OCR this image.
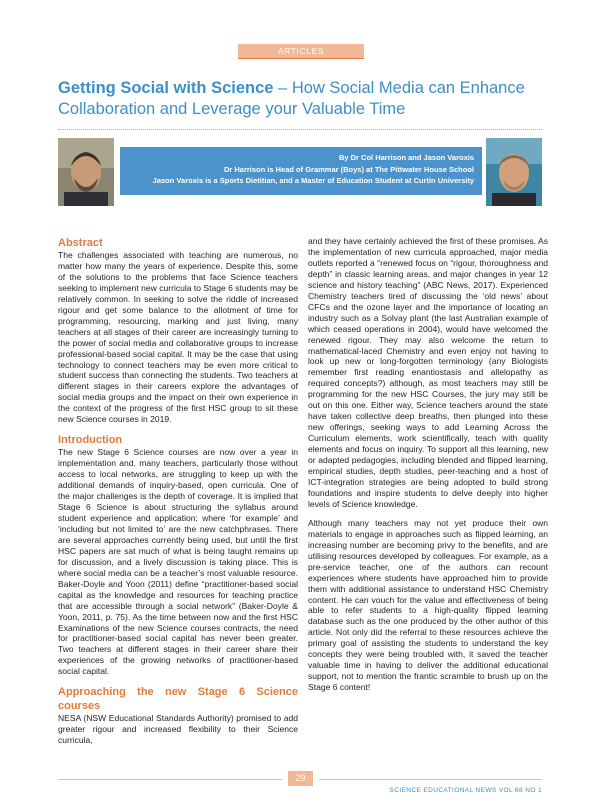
ARTICLES
Getting Social with Science – How Social Media can Enhance Collaboration and Leverage your Valuable Time
By Dr Col Harrison and Jason Varoxis
Dr Harrison is Head of Grammar (Boys) at The Pittwater House School
Jason Varoxis is a Sports Dietitian, and a Master of Education Student at Curtin University
Abstract

The challenges associated with teaching are numerous, no matter how many the years of experience. Despite this, some of the solutions to the problems that face Science teachers seeking to implement new curricula to Stage 6 students may be relatively common. In seeking to solve the riddle of increased rigour and get some balance to the allotment of time for programming, resourcing, marking and just living, many teachers at all stages of their career are increasingly turning to the power of social media and collaborative groups to increase professional-based social capital. It may be the case that using technology to connect teachers may be even more critical to student success than connecting the students. Two teachers at different stages in their careers explore the advantages of social media groups and the impact on their own experience in the context of the progress of the first HSC group to sit these new Science courses in 2019.

Introduction

The new Stage 6 Science courses are now over a year in implementation and, many teachers, particularly those without access to local networks, are struggling to keep up with the additional demands of inquiry-based, open curricula. One of the major challenges is the depth of coverage. It is implied that Stage 6 Science is about structuring the syllabus around student experience and application; where ‘for example’ and ‘including but not limited to’ are the new catchphrases. There are several approaches currently being used, but until the first HSC papers are sat much of what is being taught remains up for discussion, and a lively discussion is taking place. This is where social media can be a teacher’s most valuable resource. Baker-Doyle and Yoon (2011) define “practitioner-based social capital as the knowledge and resources for teaching practice that are accessible through a social network” (Baker-Doyle & Yoon, 2011, p. 75). As the time between now and the first HSC Examinations of the new Science courses contracts, the need for practitioner-based social capital has never been greater. Two teachers at different stages in their career share their experiences of the growing networks of practitioner-based social capital.

Approaching the new Stage 6 Science courses

NESA (NSW Educational Standards Authority) promised to add greater rigour and increased flexibility to their Science curricula,

and they have certainly achieved the first of these promises. As the implementation of new curricula approached, major media outlets reported a “renewed focus on “rigour, thoroughness and depth” in classic learning areas, and major changes in year 12 science and history teaching” (ABC News, 2017). Experienced Chemistry teachers tired of discussing the ‘old news’ about CFCs and the ozone layer and the importance of locating an industry such as a Solvay plant (the last Australian example of which ceased operations in 2004), would have welcomed the renewed rigour. They may also welcome the return to mathematical-laced Chemistry and even enjoy not having to look up new or long-forgotten terminology (any Biologists remember first reading enantiostasis and allelopathy as required concepts?) although, as most teachers may still be programming for the new HSC Courses, the jury may still be out on this one. Either way, Science teachers around the state have taken collective deep breaths, then plunged into these new offerings, seeking ways to add Learning Across the Curriculum elements, work scientifically, teach with quality elements and focus on inquiry. To support all this learning, new or adapted pedagogies, including blended and flipped learning, empirical studies, depth studies, peer-teaching and a host of ICT-integration strategies are being adopted to build strong foundations and inspire students to delve deeply into higher levels of Science knowledge.

Although many teachers may not yet produce their own materials to engage in approaches such as flipped learning, an increasing number are becoming privy to the benefits, and are utilising resources developed by colleagues. For example, as a pre-service teacher, one of the authors can recount experiences where students have approached him to provide them with additional assistance to understand HSC Chemistry content. He can vouch for the value and effectiveness of being able to refer students to a high-quality flipped learning database such as the one produced by the other author of this article. Not only did the referral to these resources achieve the primary goal of assisting the students to understand the key concepts they were being troubled with, it saved the teacher valuable time in having to deliver the additional educational support, not to mention the frantic scramble to brush up on the Stage 6 content!

29
SCIENCE EDUCATIONAL NEWS VOL 68 NO 1
